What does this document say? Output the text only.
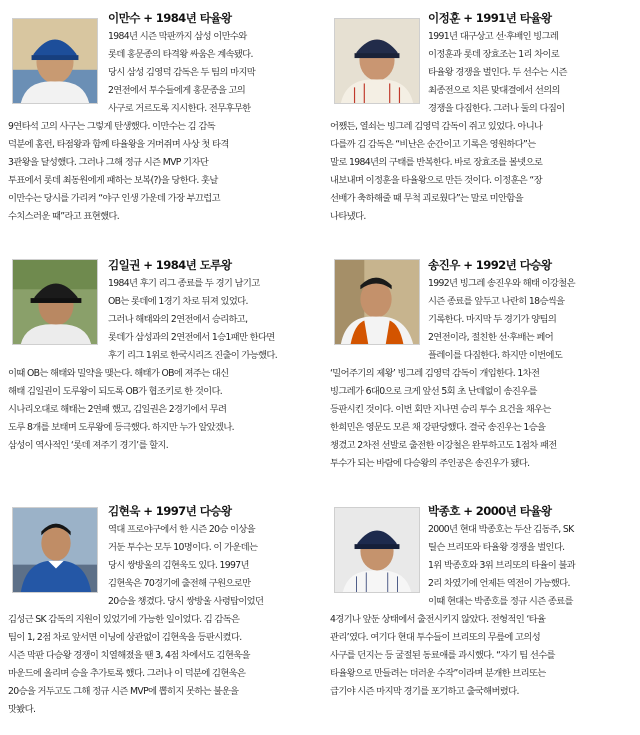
이만수 + 1984년 타율왕

1984년 시즌 막판까지 삼성 이만수와

롯데 홍문종의 타격왕 싸움은 계속됐다.

당시 삼성 김영덕 감독은 두 팀의 마지막

2연전에서 투수들에게 홍문종을 고의

사구로 거르도록 지시한다. 전무후무한

9연타석 고의 사구는 그렇게 탄생했다. 이만수는 김 감독

덕분에 홈런, 타점왕과 함께 타율왕을 거머쥐며 사상 첫 타격

3관왕을 달성했다. 그러나 그해 정규 시즌 MVP 기자단

투표에서 롯데 최동원에게 패하는 보복(?)을 당한다. 훗날

이만수는 당시를 가리켜 “야구 인생 가운데 가장 부끄럽고

수치스러운 때”라고 표현했다.

이정훈 + 1991년 타율왕

1991년 대구상고 선·후배인 빙그레

이정훈과 롯데 장효조는 1리 차이로

타율왕 경쟁을 벌인다. 두 선수는 시즌

최종전으로 치른 맞대결에서 선의의

경쟁을 다짐한다. 그러나 둘의 다짐이

어쨌든, 열쇠는 빙그레 김영덕 감독이 쥐고 있었다. 아니나

다를까 김 감독은 “비난은 순간이고 기록은 영원하다”는

말로 1984년의 구태를 반복한다. 바로 장효조를 볼넷으로

내보내며 이정훈을 타율왕으로 만든 것이다. 이정훈은 “장

선배가 축하해줄 때 무척 괴로웠다”는 말로 미안함을

나타냈다.

김일권 + 1984년 도루왕

1984년 후기 리그 종료를 두 경기 남기고

OB는 롯데에 1경기 차로 뒤져 있었다.

그러나 해태와의 2연전에서 승리하고,

롯데가 삼성과의 2연전에서 1승1패만 한다면

후기 리그 1위로 한국시리즈 진출이 가능했다.

이때 OB는 해태와 밀약을 맺는다. 해태가 OB에 져주는 대신

해태 김일권이 도루왕이 되도록 OB가 협조키로 한 것이다.

시나리오대로 해태는 2연패 했고, 김일권은 2경기에서 무려

도루 8개를 보태며 도루왕에 등극했다. 하지만 누가 알았겠나.

삼성이 역사적인 ‘롯데 져주기 경기’를 할지.

송진우 + 1992년 다승왕

1992년 빙그레 송진우와 해태 이강철은

시즌 종료를 앞두고 나란히 18승씩을

기록한다. 마지막 두 경기가 양팀의

2연전이라, 절친한 선·후배는 페어

플레이를 다짐한다. 하지만 이번에도

‘밀어주기의 제왕’ 빙그레 김영덕 감독이 개입한다. 1차전

빙그레가 6대0으로 크게 앞선 5회 초 난데없이 송진우를

등판시킨 것이다. 이번 회만 지나면 승리 투수 요건을 채우는

한희민은 영문도 모른 채 강판당했다. 결국 송진우는 1승을

챙겼고 2차전 선발로 출전한 이강철은 완투하고도 1점차 패전

투수가 되는 바람에 다승왕의 주인공은 송진우가 됐다.

김현욱 + 1997년 다승왕

역대 프로야구에서 한 시즌 20승 이상을

거둔 투수는 모두 10명이다. 이 가운데는

당시 쌍방울의 김현욱도 있다. 1997년

김현욱은 70경기에 출전해 구원으로만

20승을 챙겼다. 당시 쌍방울 사령탑이었던

김성근 SK 감독의 지원이 있었기에 가능한 일이었다. 김 감독은

팀이 1, 2점 차로 앞서면 이닝에 상관없이 김현욱을 등판시켰다.

시즌 막판 다승왕 경쟁이 치열해졌을 땐 3, 4점 차에서도 김현욱을

마운드에 올리며 승을 추가토록 했다. 그러나 이 덕분에 김현욱은

20승을 거두고도 그해 정규 시즌 MVP에 뽑히지 못하는 불운을

맛봤다.

박종호 + 2000년 타율왕

2000년 현대 박종호는 두산 김동주, SK

틸슨 브리또와 타율왕 경쟁을 벌인다.

1위 박종호와 3위 브리또의 타율이 불과

2리 차였기에 언제든 역전이 가능했다.

이때 현대는 박종호를 정규 시즌 종료를

4경기나 앞둔 상태에서 출전시키지 않았다. 전형적인 ‘타율

관리’였다. 여기다 현대 투수들이 브리또의 무릎에 고의성

사구를 던지는 등 굴절된 동료애를 과시했다. “자기 팀 선수를

타율왕으로 만들려는 더러운 수작”이라며 분개한 브리또는

급기야 시즌 마지막 경기를 포기하고 출국해버렸다.
